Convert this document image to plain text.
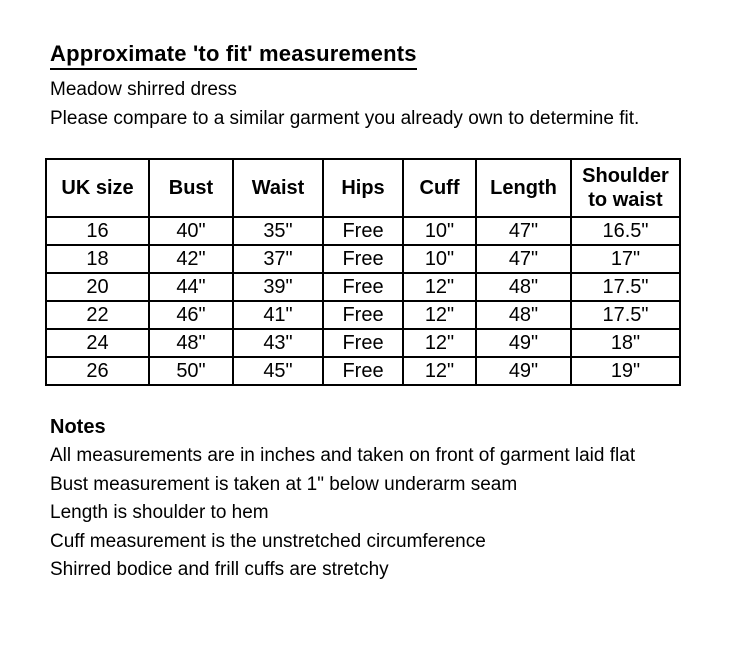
Approximate 'to fit' measurements

Meadow shirred dress

Please compare to a similar garment you already own to determine fit.

UK size	Bust	Waist	Hips	Cuff	Length	Shoulder to waist
16	40"	35"	Free	10"	47"	16.5"
18	42"	37"	Free	10"	47"	17"
20	44"	39"	Free	12"	48"	17.5"
22	46"	41"	Free	12"	48"	17.5"
24	48"	43"	Free	12"	49"	18"
26	50"	45"	Free	12"	49"	19"
Notes

All measurements are in inches and taken on front of garment laid flat

Bust measurement is taken at 1" below underarm seam

Length is shoulder to hem

Cuff measurement is the unstretched circumference

Shirred bodice and frill cuffs are stretchy
